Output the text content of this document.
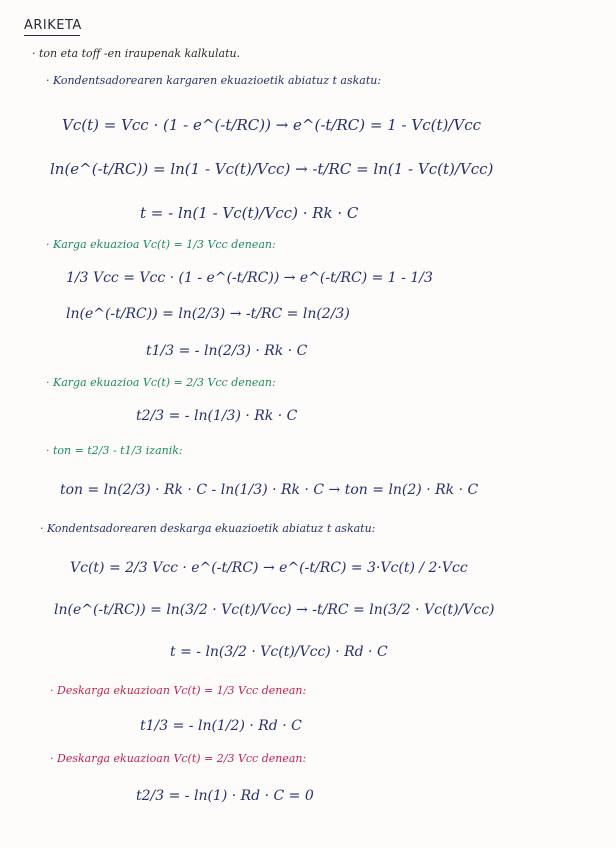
ARIKETA
· ton eta toff -en iraupenak kalkulatu.
· Kondentsadorearen kargaren ekuazioetik abiatuz t askatu:
Vc(t) = Vcc · (1 - e^(-t/RC)) → e^(-t/RC) = 1 - Vc(t)/Vcc
ln(e^(-t/RC)) = ln(1 - Vc(t)/Vcc) → -t/RC = ln(1 - Vc(t)/Vcc)
t = - ln(1 - Vc(t)/Vcc) · Rk · C
· Karga ekuazioa Vc(t) = 1/3 Vcc denean:
1/3 Vcc = Vcc · (1 - e^(-t/RC)) → e^(-t/RC) = 1 - 1/3
ln(e^(-t/RC)) = ln(2/3) → -t/RC = ln(2/3)
t1/3 = - ln(2/3) · Rk · C
· Karga ekuazioa Vc(t) = 2/3 Vcc denean:
t2/3 = - ln(1/3) · Rk · C
· ton = t2/3 - t1/3 izanik:
ton = ln(2/3) · Rk · C - ln(1/3) · Rk · C → ton = ln(2) · Rk · C
· Kondentsadorearen deskarga ekuazioetik abiatuz t askatu:
Vc(t) = 2/3 Vcc · e^(-t/RC) → e^(-t/RC) = 3·Vc(t) / 2·Vcc
ln(e^(-t/RC)) = ln(3/2 · Vc(t)/Vcc) → -t/RC = ln(3/2 · Vc(t)/Vcc)
t = - ln(3/2 · Vc(t)/Vcc) · Rd · C
· Deskarga ekuazioan Vc(t) = 1/3 Vcc denean:
t1/3 = - ln(1/2) · Rd · C
· Deskarga ekuazioan Vc(t) = 2/3 Vcc denean:
t2/3 = - ln(1) · Rd · C = 0
